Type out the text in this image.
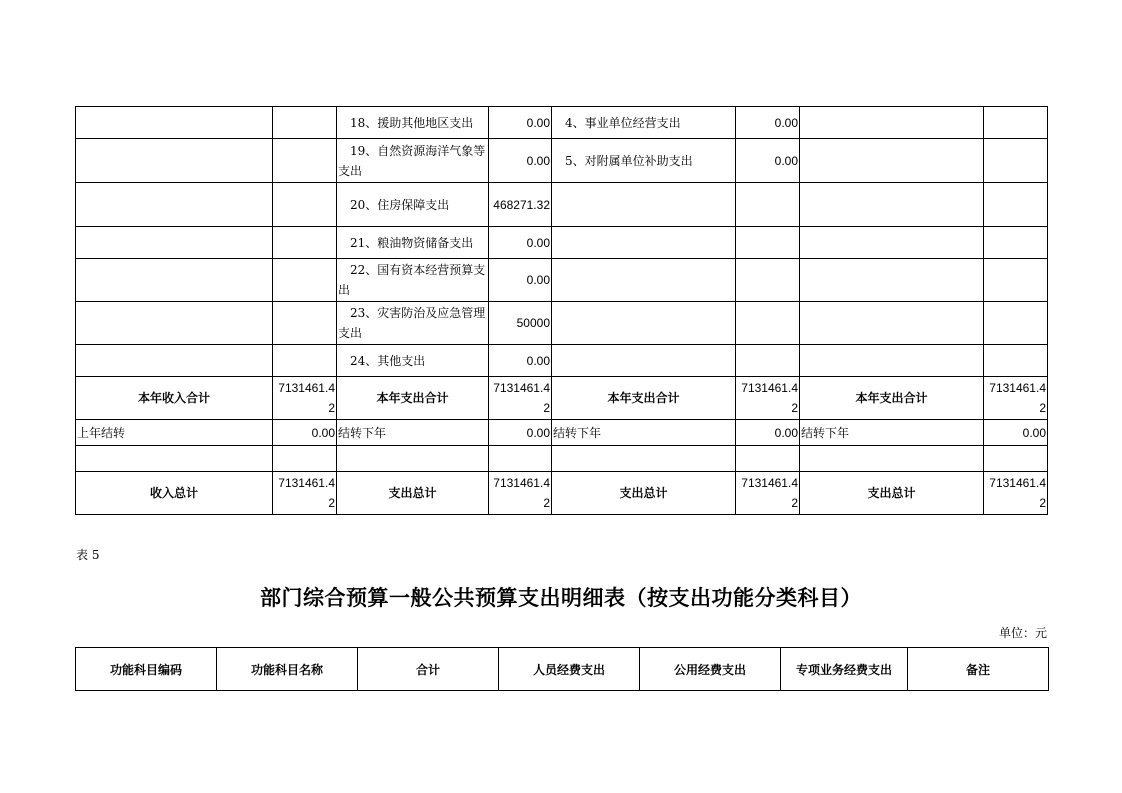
		18、援助其他地区支出	0.00	4、事业单位经营支出	0.00		
		19、自然资源海洋气象等支出	0.00	5、对附属单位补助支出	0.00		
		20、住房保障支出	468271.32				
		21、粮油物资储备支出	0.00				
		22、国有资本经营预算支出	0.00				
		23、灾害防治及应急管理支出	50000				
		24、其他支出	0.00				
本年收入合计	7131461.42	本年支出合计	7131461.42	本年支出合计	7131461.42	本年支出合计	7131461.42
上年结转	0.00	结转下年	0.00	结转下年	0.00	结转下年	0.00

收入总计	7131461.42	支出总计	7131461.42	支出总计	7131461.42	支出总计	7131461.42
表 5
部门综合预算一般公共预算支出明细表（按支出功能分类科目）
单位：元
功能科目编码	功能科目名称	合计	人员经费支出	公用经费支出	专项业务经费支出	备注
